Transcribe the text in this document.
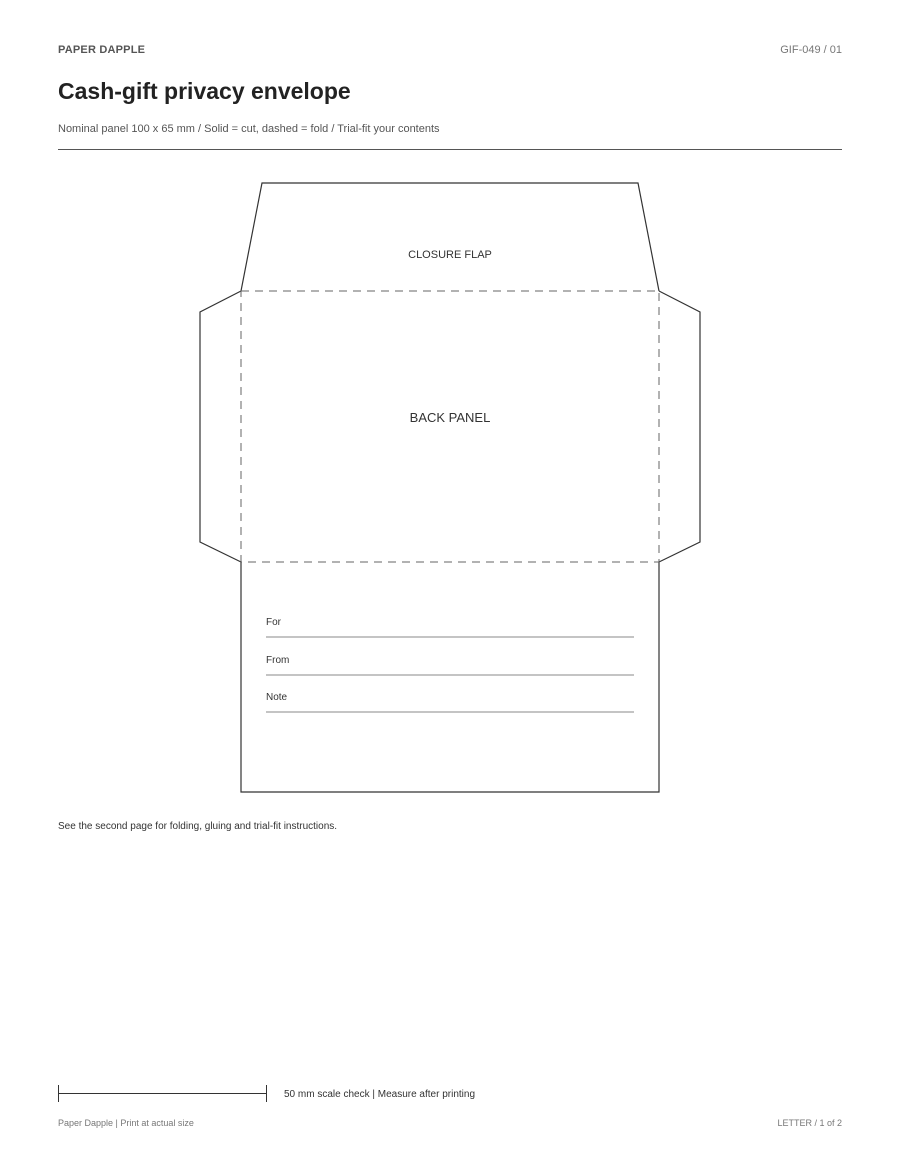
PAPER DAPPLE	GIF-049 / 01
Cash-gift privacy envelope
Nominal panel 100 x 65 mm / Solid = cut, dashed = fold / Trial-fit your contents
CLOSURE FLAP
BACK PANEL
For
From
Note
See the second page for folding, gluing and trial-fit instructions.
50 mm scale check | Measure after printing
Paper Dapple | Print at actual size	LETTER / 1 of 2
